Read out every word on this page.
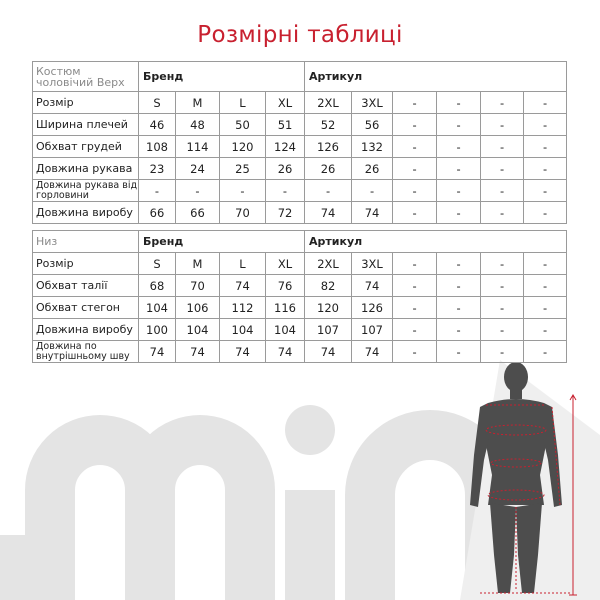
Розмірні таблиці
Костюм чоловічий Верх	Бренд				Артикул					
Розмір	S	M	L	XL	2XL	3XL	-	-	-	-
Ширина плечей	46	48	50	51	52	56	-	-	-	-
Обхват грудей	108	114	120	124	126	132	-	-	-	-
Довжина рукава	23	24	25	26	26	26	-	-	-	-
Довжина рукава від горловини	-	-	-	-	-	-	-	-	-	-
Довжина виробу	66	66	70	72	74	74	-	-	-	-
Низ	Бренд				Артикул					
Розмір	S	M	L	XL	2XL	3XL	-	-	-	-
Обхват талії	68	70	74	76	82	74	-	-	-	-
Обхват стегон	104	106	112	116	120	126	-	-	-	-
Довжина виробу	100	104	104	104	107	107	-	-	-	-
Довжина по внутрішньому шву	74	74	74	74	74	74	-	-	-	-
